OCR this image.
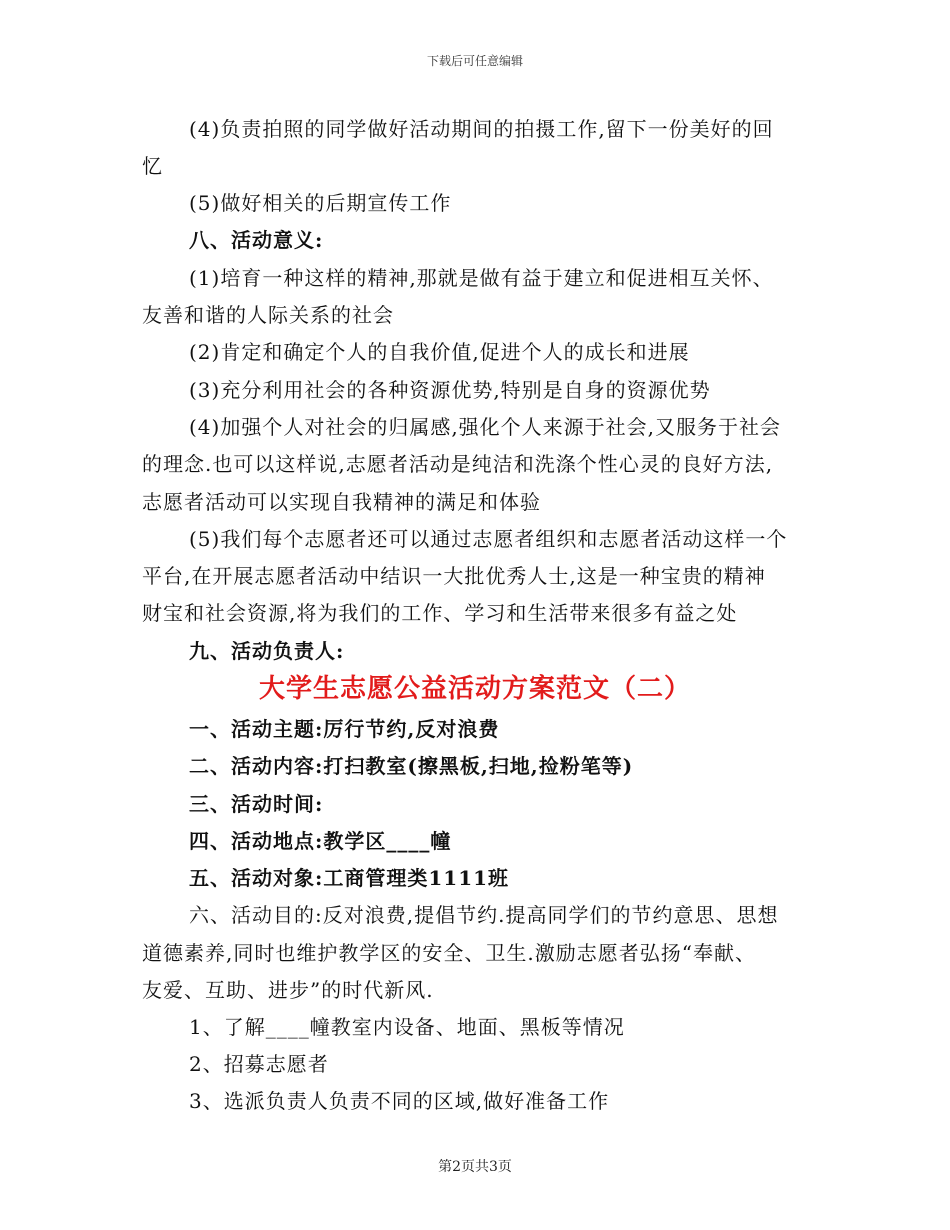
下载后可任意编辑
(4)负责拍照的同学做好活动期间的拍摄工作,留下一份美好的回
忆
(5)做好相关的后期宣传工作
八、活动意义:
(1)培育一种这样的精神,那就是做有益于建立和促进相互关怀、
友善和谐的人际关系的社会
(2)肯定和确定个人的自我价值,促进个人的成长和进展
(3)充分利用社会的各种资源优势,特别是自身的资源优势
(4)加强个人对社会的归属感,强化个人来源于社会,又服务于社会
的理念.也可以这样说,志愿者活动是纯洁和洗涤个性心灵的良好方法,
志愿者活动可以实现自我精神的满足和体验
(5)我们每个志愿者还可以通过志愿者组织和志愿者活动这样一个
平台,在开展志愿者活动中结识一大批优秀人士,这是一种宝贵的精神
财宝和社会资源,将为我们的工作、学习和生活带来很多有益之处
九、活动负责人:
大学生志愿公益活动方案范文（二）
一、活动主题:厉行节约,反对浪费
二、活动内容:打扫教室(擦黑板,扫地,捡粉笔等)
三、活动时间:
四、活动地点:教学区____幢
五、活动对象:工商管理类1111班
六、活动目的:反对浪费,提倡节约.提高同学们的节约意思、思想
道德素养,同时也维护教学区的安全、卫生.激励志愿者弘扬“奉献、
友爱、互助、进步”的时代新风.
1、了解____幢教室内设备、地面、黑板等情况
2、招募志愿者
3、选派负责人负责不同的区域,做好准备工作
第2页共3页
